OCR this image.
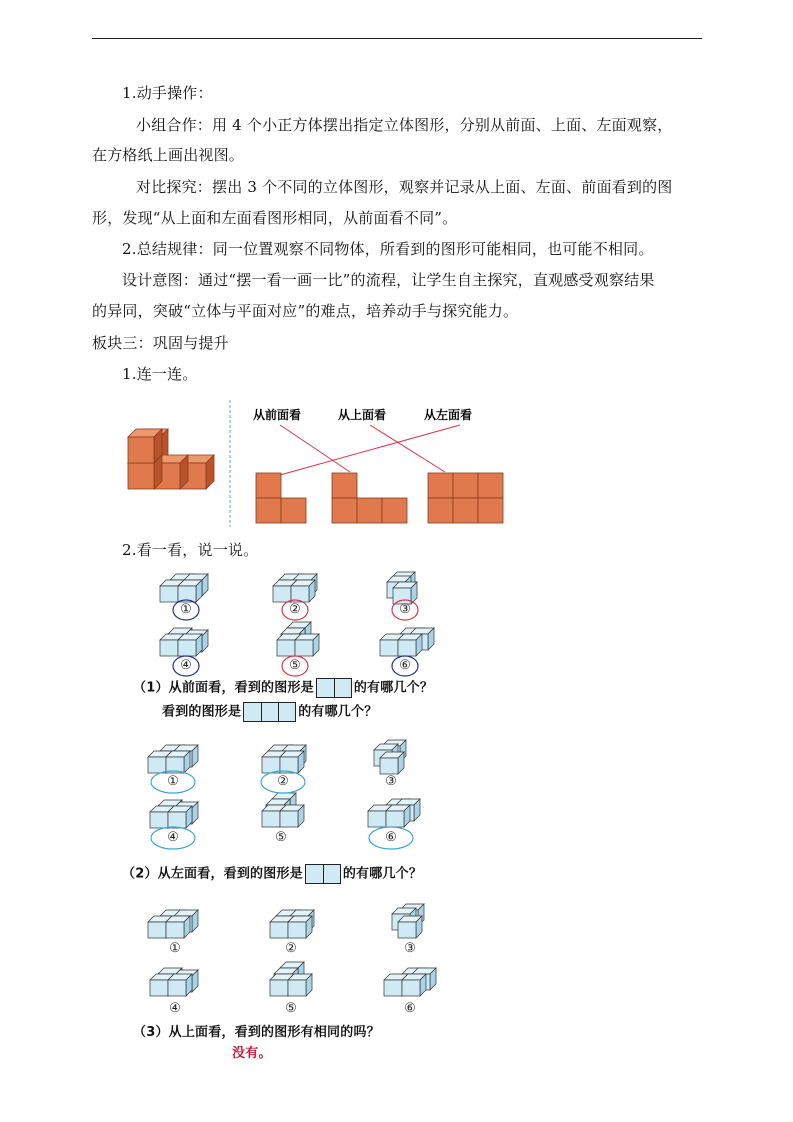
1.动手操作：
小组合作：用 4 个小正方体摆出指定立体图形，分别从前面、上面、左面观察，
在方格纸上画出视图。
对比探究：摆出 3 个不同的立体图形，观察并记录从上面、左面、前面看到的图
形，发现“从上面和左面看图形相同，从前面看不同”。
2.总结规律：同一位置观察不同物体，所看到的图形可能相同，也可能不相同。
设计意图：通过“摆一看一画一比”的流程，让学生自主探究，直观感受观察结果
的异同，突破“立体与平面对应”的难点，培养动手与探究能力。
板块三：巩固与提升
1.连一连。
从前面看	从上面看	从左面看
2.看一看，说一说。
①	②	③
④	⑤	⑥
（1）从前面看，看到的图形是	的有哪几个？
看到的图形是	的有哪几个？
①	②	③
④	⑤	⑥
（2）从左面看，看到的图形是	的有哪几个？
①	②	③
④	⑤	⑥
（3）从上面看，看到的图形有相同的吗？
没有。
